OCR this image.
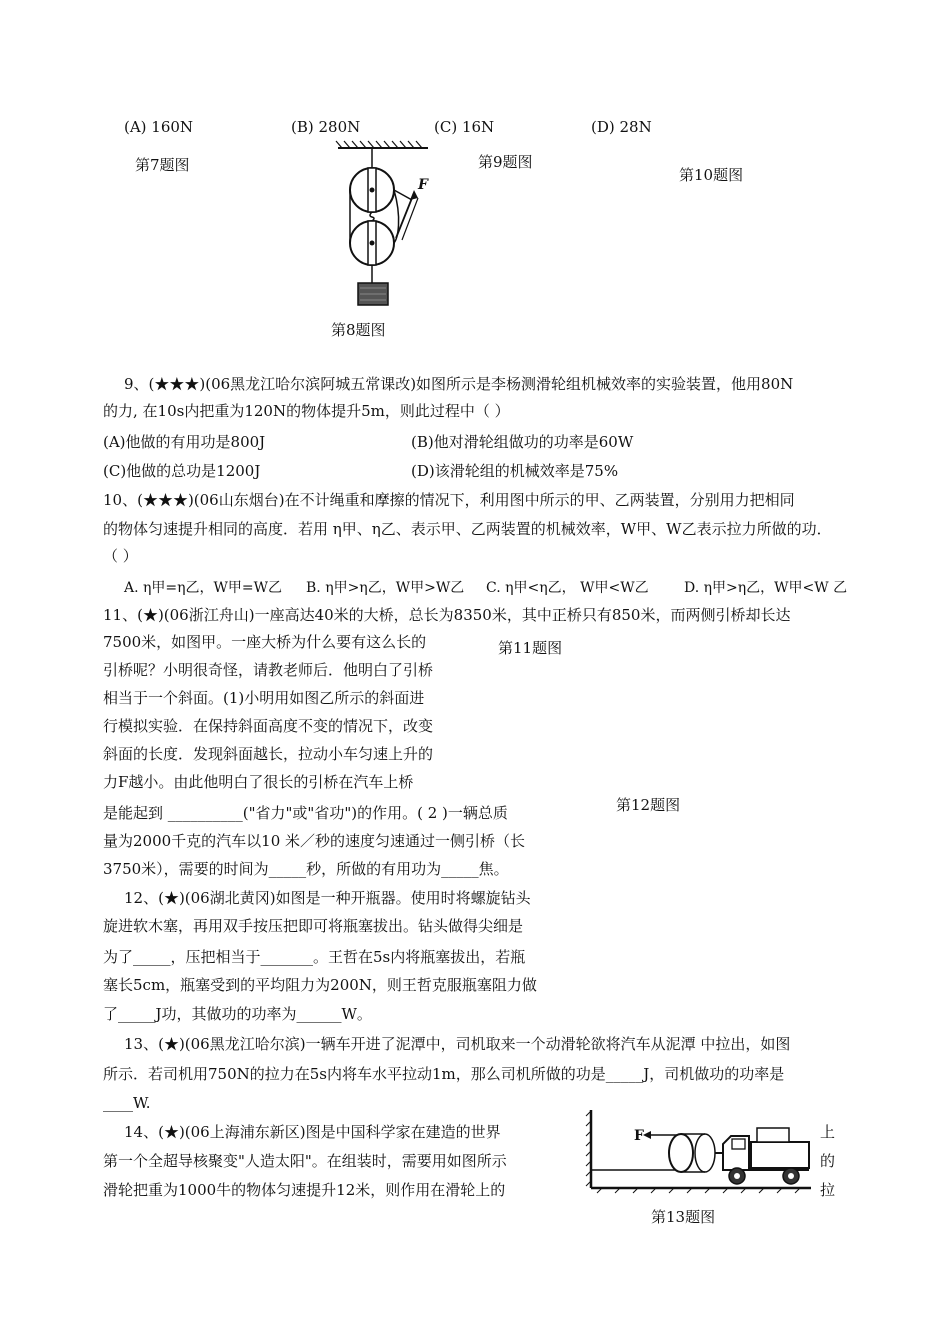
(A) 160N	(B) 280N	(C) 16N	(D) 28N
第7题图	第9题图
第10题图
F
第8题图
9、(★★★)(06黑龙江哈尔滨阿城五常课改)如图所示是李杨测滑轮组机械效率的实验装置，他用80N
的力, 在10s内把重为120N的物体提升5m，则此过程中（ ）
(A)他做的有用功是800J	(B)他对滑轮组做功的功率是60W
(C)他做的总功是1200J	(D)该滑轮组的机械效率是75%
10、(★★★)(06山东烟台)在不计绳重和摩擦的情况下，利用图中所示的甲、乙两装置，分别用力把相同
的物体匀速提升相同的高度．若用 η甲、η乙、表示甲、乙两装置的机械效率，W甲、W乙表示拉力所做的功．
（ ）
A. η甲=η乙，W甲=W乙 B. η甲>η乙，W甲>W乙 C. η甲<η乙， W甲<W乙	D. η甲>η乙，W甲<W 乙
11、(★)(06浙江舟山)一座高达40米的大桥，总长为8350米，其中正桥只有850米，而两侧引桥却长达
7500米，如图甲。一座大桥为什么要有这么长的	第11题图
引桥呢？小明很奇怪，请教老师后．他明白了引桥
相当于一个斜面。(1)小明用如图乙所示的斜面进
行模拟实验．在保持斜面高度不变的情况下，改变
斜面的长度．发现斜面越长，拉动小车匀速上升的
力F越小。由此他明白了很长的引桥在汽车上桥
第12题图
是能起到 __________("省力"或"省功")的作用。( 2 )一辆总质
量为2000千克的汽车以10 米／秒的速度匀速通过一侧引桥（长
3750米），需要的时间为_____秒，所做的有用功为_____焦。
12、(★)(06湖北黄冈)如图是一种开瓶器。使用时将螺旋钻头
旋进软木塞，再用双手按压把即可将瓶塞拔出。钻头做得尖细是
为了_____，压把相当于_______。王哲在5s内将瓶塞拔出，若瓶
塞长5cm，瓶塞受到的平均阻力为200N，则王哲克服瓶塞阻力做
了_____J功，其做功的功率为______W。
13、(★)(06黑龙江哈尔滨)一辆车开进了泥潭中，司机取来一个动滑轮欲将汽车从泥潭 中拉出，如图
所示．若司机用750N的拉力在5s内将车水平拉动1m，那么司机所做的功是_____J，司机做功的功率是
____W.
14、(★)(06上海浦东新区)图是中国科学家在建造的世界
第一个全超导核聚变"人造太阳"。在组装时，需要用如图所示
滑轮把重为1000牛的物体匀速提升12米，则作用在滑轮上的
上
的
拉
F
第13题图
